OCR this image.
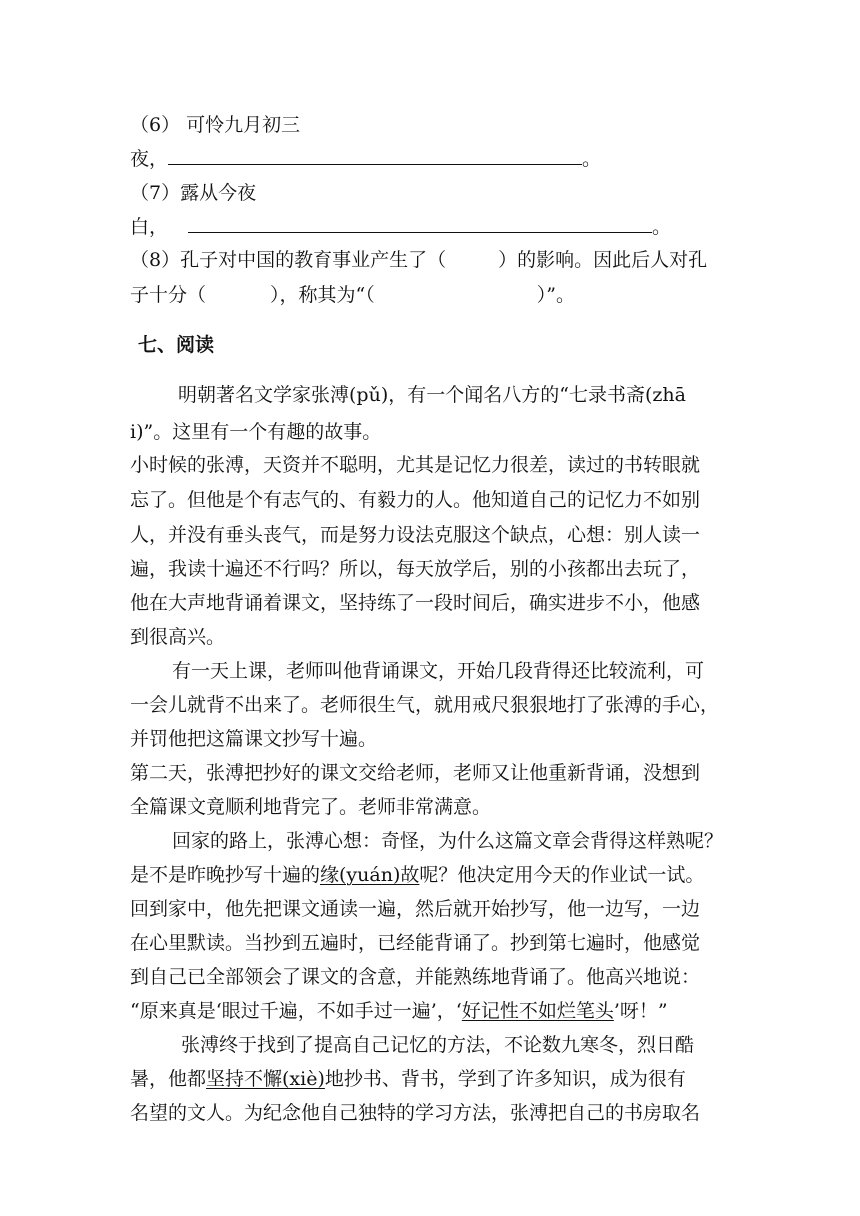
（6） 可怜九月初三
夜，	。
（7）露从今夜
白，	。
（8）孔子对中国的教育事业产生了（	）的影响。因此后人对孔
子十分（	），称其为“（	）”。
七、阅读
明朝著名文学家张溥(pǔ)，有一个闻名八方的“七录书斋(zhā
i)”。这里有一个有趣的故事。
小时候的张溥，天资并不聪明，尤其是记忆力很差，读过的书转眼就
忘了。但他是个有志气的、有毅力的人。他知道自己的记忆力不如别
人，并没有垂头丧气，而是努力设法克服这个缺点，心想：别人读一
遍，我读十遍还不行吗？所以，每天放学后，别的小孩都出去玩了，
他在大声地背诵着课文，坚持练了一段时间后，确实进步不小，他感
到很高兴。
有一天上课，老师叫他背诵课文，开始几段背得还比较流利，可
一会儿就背不出来了。老师很生气，就用戒尺狠狠地打了张溥的手心，
并罚他把这篇课文抄写十遍。
第二天，张溥把抄好的课文交给老师，老师又让他重新背诵，没想到
全篇课文竟顺利地背完了。老师非常满意。
回家的路上，张溥心想：奇怪，为什么这篇文章会背得这样熟呢？
是不是昨晚抄写十遍的缘(yuán)故呢？他决定用今天的作业试一试。
回到家中，他先把课文通读一遍，然后就开始抄写，他一边写，一边
在心里默读。当抄到五遍时，已经能背诵了。抄到第七遍时，他感觉
到自己已全部领会了课文的含意，并能熟练地背诵了。他高兴地说：
“原来真是‘眼过千遍，不如手过一遍’，‘好记性不如烂笔头’呀！”
张溥终于找到了提高自己记忆的方法，不论数九寒冬，烈日酷
暑，他都坚持不懈(xiè)地抄书、背书，学到了许多知识，成为很有
名望的文人。为纪念他自己独特的学习方法，张溥把自己的书房取名
